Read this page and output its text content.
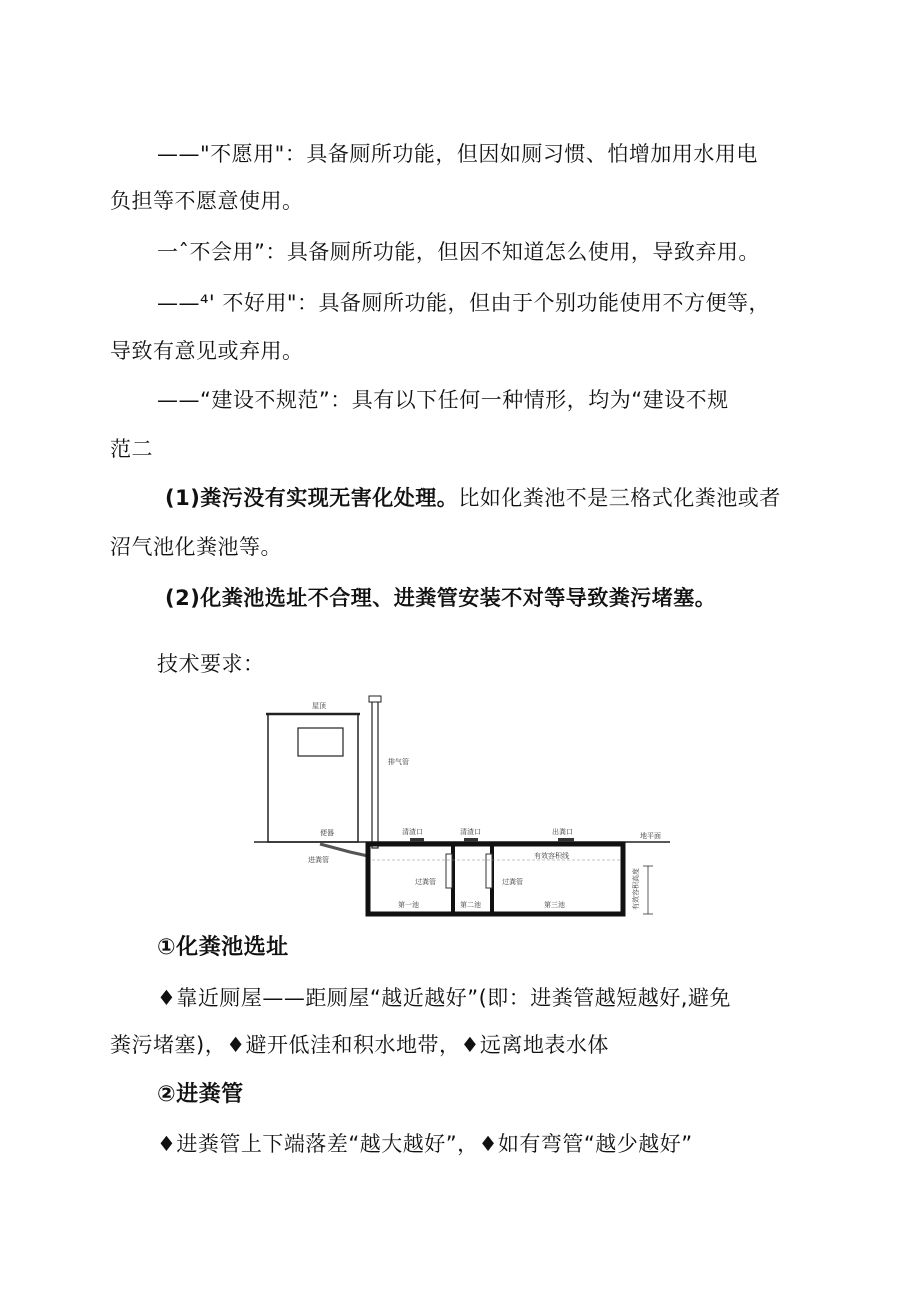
——"不愿用"：具备厕所功能，但因如厕习惯、怕增加用水用电
负担等不愿意使用。
一ˆ不会用”：具备厕所功能，但因不知道怎么使用，导致弃用。
——⁴' 不好用"：具备厕所功能，但由于个别功能使用不方便等，
导致有意见或弃用。
——“建设不规范”：具有以下任何一种情形，均为“建设不规
范二
(1)粪污没有实现无害化处理。比如化粪池不是三格式化粪池或者
沼气池化粪池等。
(2)化粪池选址不合理、进粪管安装不对等导致粪污堵塞。
技术要求：
屋顶
排气管
地平面
便器
进粪管
清渣口	清渣口	出粪口
有效容积线
过粪管	过粪管
第一池	第二池	第三池	有效容积高度
①化粪池选址
♦靠近厕屋——距厕屋“越近越好”(即：进粪管越短越好,避免
粪污堵塞)，♦避开低洼和积水地带，♦远离地表水体
②进粪管
♦进粪管上下端落差“越大越好”，♦如有弯管“越少越好”
